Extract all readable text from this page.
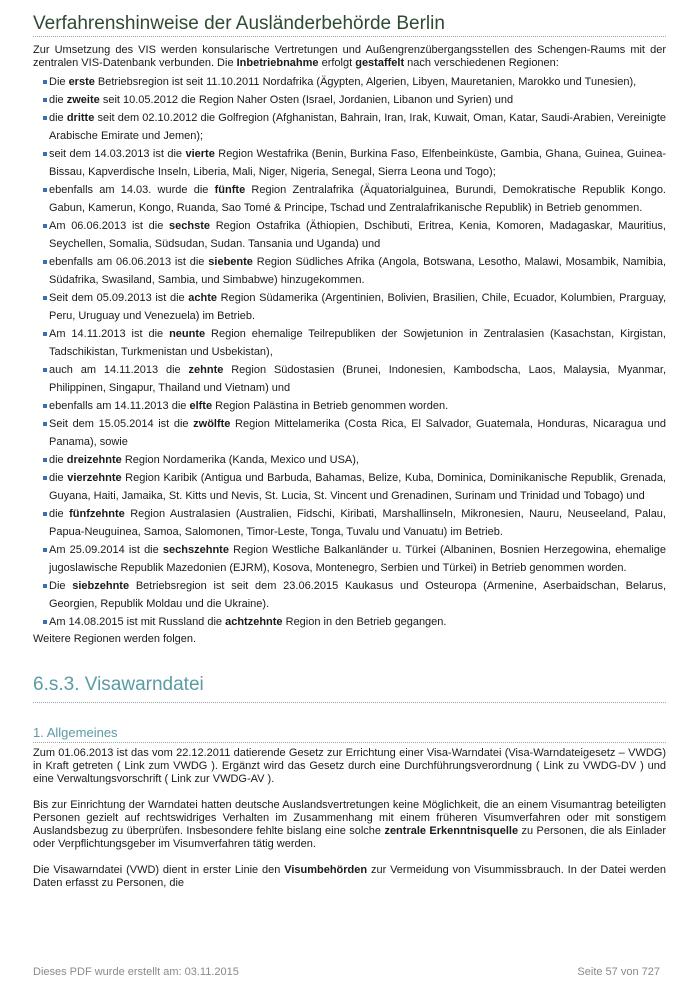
Verfahrenshinweise der Ausländerbehörde Berlin

Zur Umsetzung des VIS werden konsularische Vertretungen und Außengrenzübergangsstellen des Schengen-Raums mit der zentralen VIS-Datenbank verbunden. Die Inbetriebnahme erfolgt gestaffelt nach verschiedenen Regionen:

Die erste Betriebsregion ist seit 11.10.2011 Nordafrika (Ägypten, Algerien, Libyen, Mauretanien, Marokko und Tunesien),
die zweite seit 10.05.2012 die Region Naher Osten (Israel, Jordanien, Libanon und Syrien) und
die dritte seit dem 02.10.2012 die Golfregion (Afghanistan, Bahrain, Iran, Irak, Kuwait, Oman, Katar, Saudi-Arabien, Vereinigte Arabische Emirate und Jemen);
seit dem 14.03.2013 ist die vierte Region Westafrika (Benin, Burkina Faso, Elfenbeinküste, Gambia, Ghana, Guinea, Guinea-Bissau, Kapverdische Inseln, Liberia, Mali, Niger, Nigeria, Senegal, Sierra Leona und Togo);
ebenfalls am 14.03. wurde die fünfte Region Zentralafrika (Äquatorialguinea, Burundi, Demokratische Republik Kongo. Gabun, Kamerun, Kongo, Ruanda, Sao Tomé & Principe, Tschad und Zentralafrikanische Republik) in Betrieb genommen.
Am 06.06.2013 ist die sechste Region Ostafrika (Äthiopien, Dschibuti, Eritrea, Kenia, Komoren, Madagaskar, Mauritius, Seychellen, Somalia, Südsudan, Sudan. Tansania und Uganda) und
ebenfalls am 06.06.2013 ist die siebente Region Südliches Afrika (Angola, Botswana, Lesotho, Malawi, Mosambik, Namibia, Südafrika, Swasiland, Sambia, und Simbabwe) hinzugekommen.
Seit dem 05.09.2013 ist die achte Region Südamerika (Argentinien, Bolivien, Brasilien, Chile, Ecuador, Kolumbien, Prarguay, Peru, Uruguay und Venezuela) im Betrieb.
Am 14.11.2013 ist die neunte Region ehemalige Teilrepubliken der Sowjetunion in Zentralasien (Kasachstan, Kirgistan, Tadschikistan, Turkmenistan und Usbekistan),
auch am 14.11.2013 die zehnte Region Südostasien (Brunei, Indonesien, Kambodscha, Laos, Malaysia, Myanmar, Philippinen, Singapur, Thailand und Vietnam) und
ebenfalls am 14.11.2013 die elfte Region Palästina in Betrieb genommen worden.
Seit dem 15.05.2014 ist die zwölfte Region Mittelamerika (Costa Rica, El Salvador, Guatemala, Honduras, Nicaragua und Panama), sowie
die dreizehnte Region Nordamerika (Kanda, Mexico und USA),
die vierzehnte Region Karibik (Antigua und Barbuda, Bahamas, Belize, Kuba, Dominica, Dominikanische Republik, Grenada, Guyana, Haiti, Jamaika, St. Kitts und Nevis, St. Lucia, St. Vincent und Grenadinen, Surinam und Trinidad und Tobago) und
die fünfzehnte Region Australasien (Australien, Fidschi, Kiribati, Marshallinseln, Mikronesien, Nauru, Neuseeland, Palau, Papua-Neuguinea, Samoa, Salomonen, Timor-Leste, Tonga, Tuvalu und Vanuatu) im Betrieb.
Am 25.09.2014 ist die sechszehnte Region Westliche Balkanländer u. Türkei (Albaninen, Bosnien Herzegowina, ehemalige jugoslawische Republik Mazedonien (EJRM), Kosova, Montenegro, Serbien und Türkei) in Betrieb genommen worden.
Die siebzehnte Betriebsregion ist seit dem 23.06.2015 Kaukasus und Osteuropa (Armenine, Aserbaidschan, Belarus, Georgien, Republik Moldau und die Ukraine).
Am 14.08.2015 ist mit Russland die achtzehnte Region in den Betrieb gegangen.
Weitere Regionen werden folgen.
6.s.3. Visawarndatei
1. Allgemeines

Zum 01.06.2013 ist das vom 22.12.2011 datierende Gesetz zur Errichtung einer Visa-Warndatei (Visa-Warndateigesetz – VWDG) in Kraft getreten ( Link zum VWDG ). Ergänzt wird das Gesetz durch eine Durchführungsverordnung ( Link zu VWDG-DV ) und eine Verwaltungsvorschrift ( Link zur VWDG-AV ).

Bis zur Einrichtung der Warndatei hatten deutsche Auslandsvertretungen keine Möglichkeit, die an einem Visumantrag beteiligten Personen gezielt auf rechtswidriges Verhalten im Zusammenhang mit einem früheren Visumverfahren oder mit sonstigem Auslandsbezug zu überprüfen. Insbesondere fehlte bislang eine solche zentrale Erkenntnisquelle zu Personen, die als Einlader oder Verpflichtungsgeber im Visumverfahren tätig werden.

Die Visawarndatei (VWD) dient in erster Linie den Visumbehörden zur Vermeidung von Visummissbrauch. In der Datei werden Daten erfasst zu Personen, die

Dieses PDF wurde erstellt am: 03.11.2015	Seite 57 von 727
